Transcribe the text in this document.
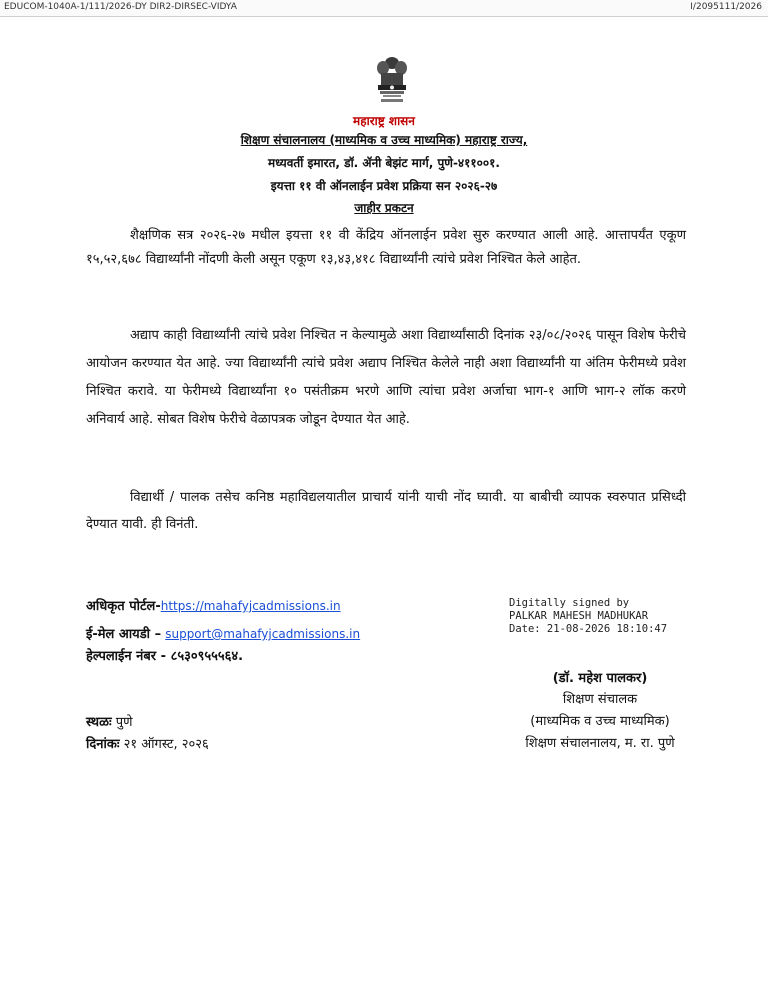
EDUCOM-1040A-1/111/2026-DY DIR2-DIRSEC-VIDYA	I/2095111/2026
महाराष्ट्र शासन
शिक्षण संचालनालय (माध्यमिक व उच्च माध्यमिक) महाराष्ट्र राज्य,
मध्यवर्ती इमारत, डॉ. ॲनी बेझंट मार्ग, पुणे-४११००१.
इयत्ता ११ वी ऑनलाईन प्रवेश प्रक्रिया सन २०२६-२७
जाहीर प्रकटन
शैक्षणिक सत्र २०२६-२७ मधील इयत्ता ११ वी केंद्रिय ऑनलाईन प्रवेश सुरु करण्यात आली आहे. आत्तापर्यंत एकूण १५,५२,६७८ विद्यार्थ्यांनी नोंदणी केली असून एकूण १३,४३,४१८ विद्यार्थ्यांनी त्यांचे प्रवेश निश्चित केले आहेत.
अद्याप काही विद्यार्थ्यांनी त्यांचे प्रवेश निश्चित न केल्यामुळे अशा विद्यार्थ्यांसाठी दिनांक २३/०८/२०२६ पासून विशेष फेरीचे आयोजन करण्यात येत आहे. ज्या विद्यार्थ्यांनी त्यांचे प्रवेश अद्याप निश्चित केलेले नाही अशा विद्यार्थ्यांनी या अंतिम फेरीमध्ये प्रवेश निश्चित करावे. या फेरीमध्ये विद्यार्थ्यांना १० पसंतीक्रम भरणे आणि त्यांचा प्रवेश अर्जाचा भाग-१ आणि भाग-२ लॉक करणे अनिवार्य आहे. सोबत विशेष फेरीचे वेळापत्रक जोडून देण्यात येत आहे.
विद्यार्थी / पालक तसेच कनिष्ठ महाविद्यलयातील प्राचार्य यांनी याची नोंद घ्यावी. या बाबीची व्यापक स्वरुपात प्रसिध्दी देण्यात यावी. ही विनंती.
अधिकृत पोर्टल-https://mahafyjcadmissions.in
ई-मेल आयडी – support@mahafyjcadmissions.in
हेल्पलाईन नंबर - ८५३०९५५५६४.
Digitally signed by
PALKAR MAHESH MADHUKAR
Date: 21-08-2026 18:10:47
(डॉ. महेश पालकर)
शिक्षण संचालक
(माध्यमिक व उच्च माध्यमिक)
शिक्षण संचालनालय, म. रा. पुणे
स्थळः पुणे
दिनांकः २१ ऑगस्ट, २०२६
